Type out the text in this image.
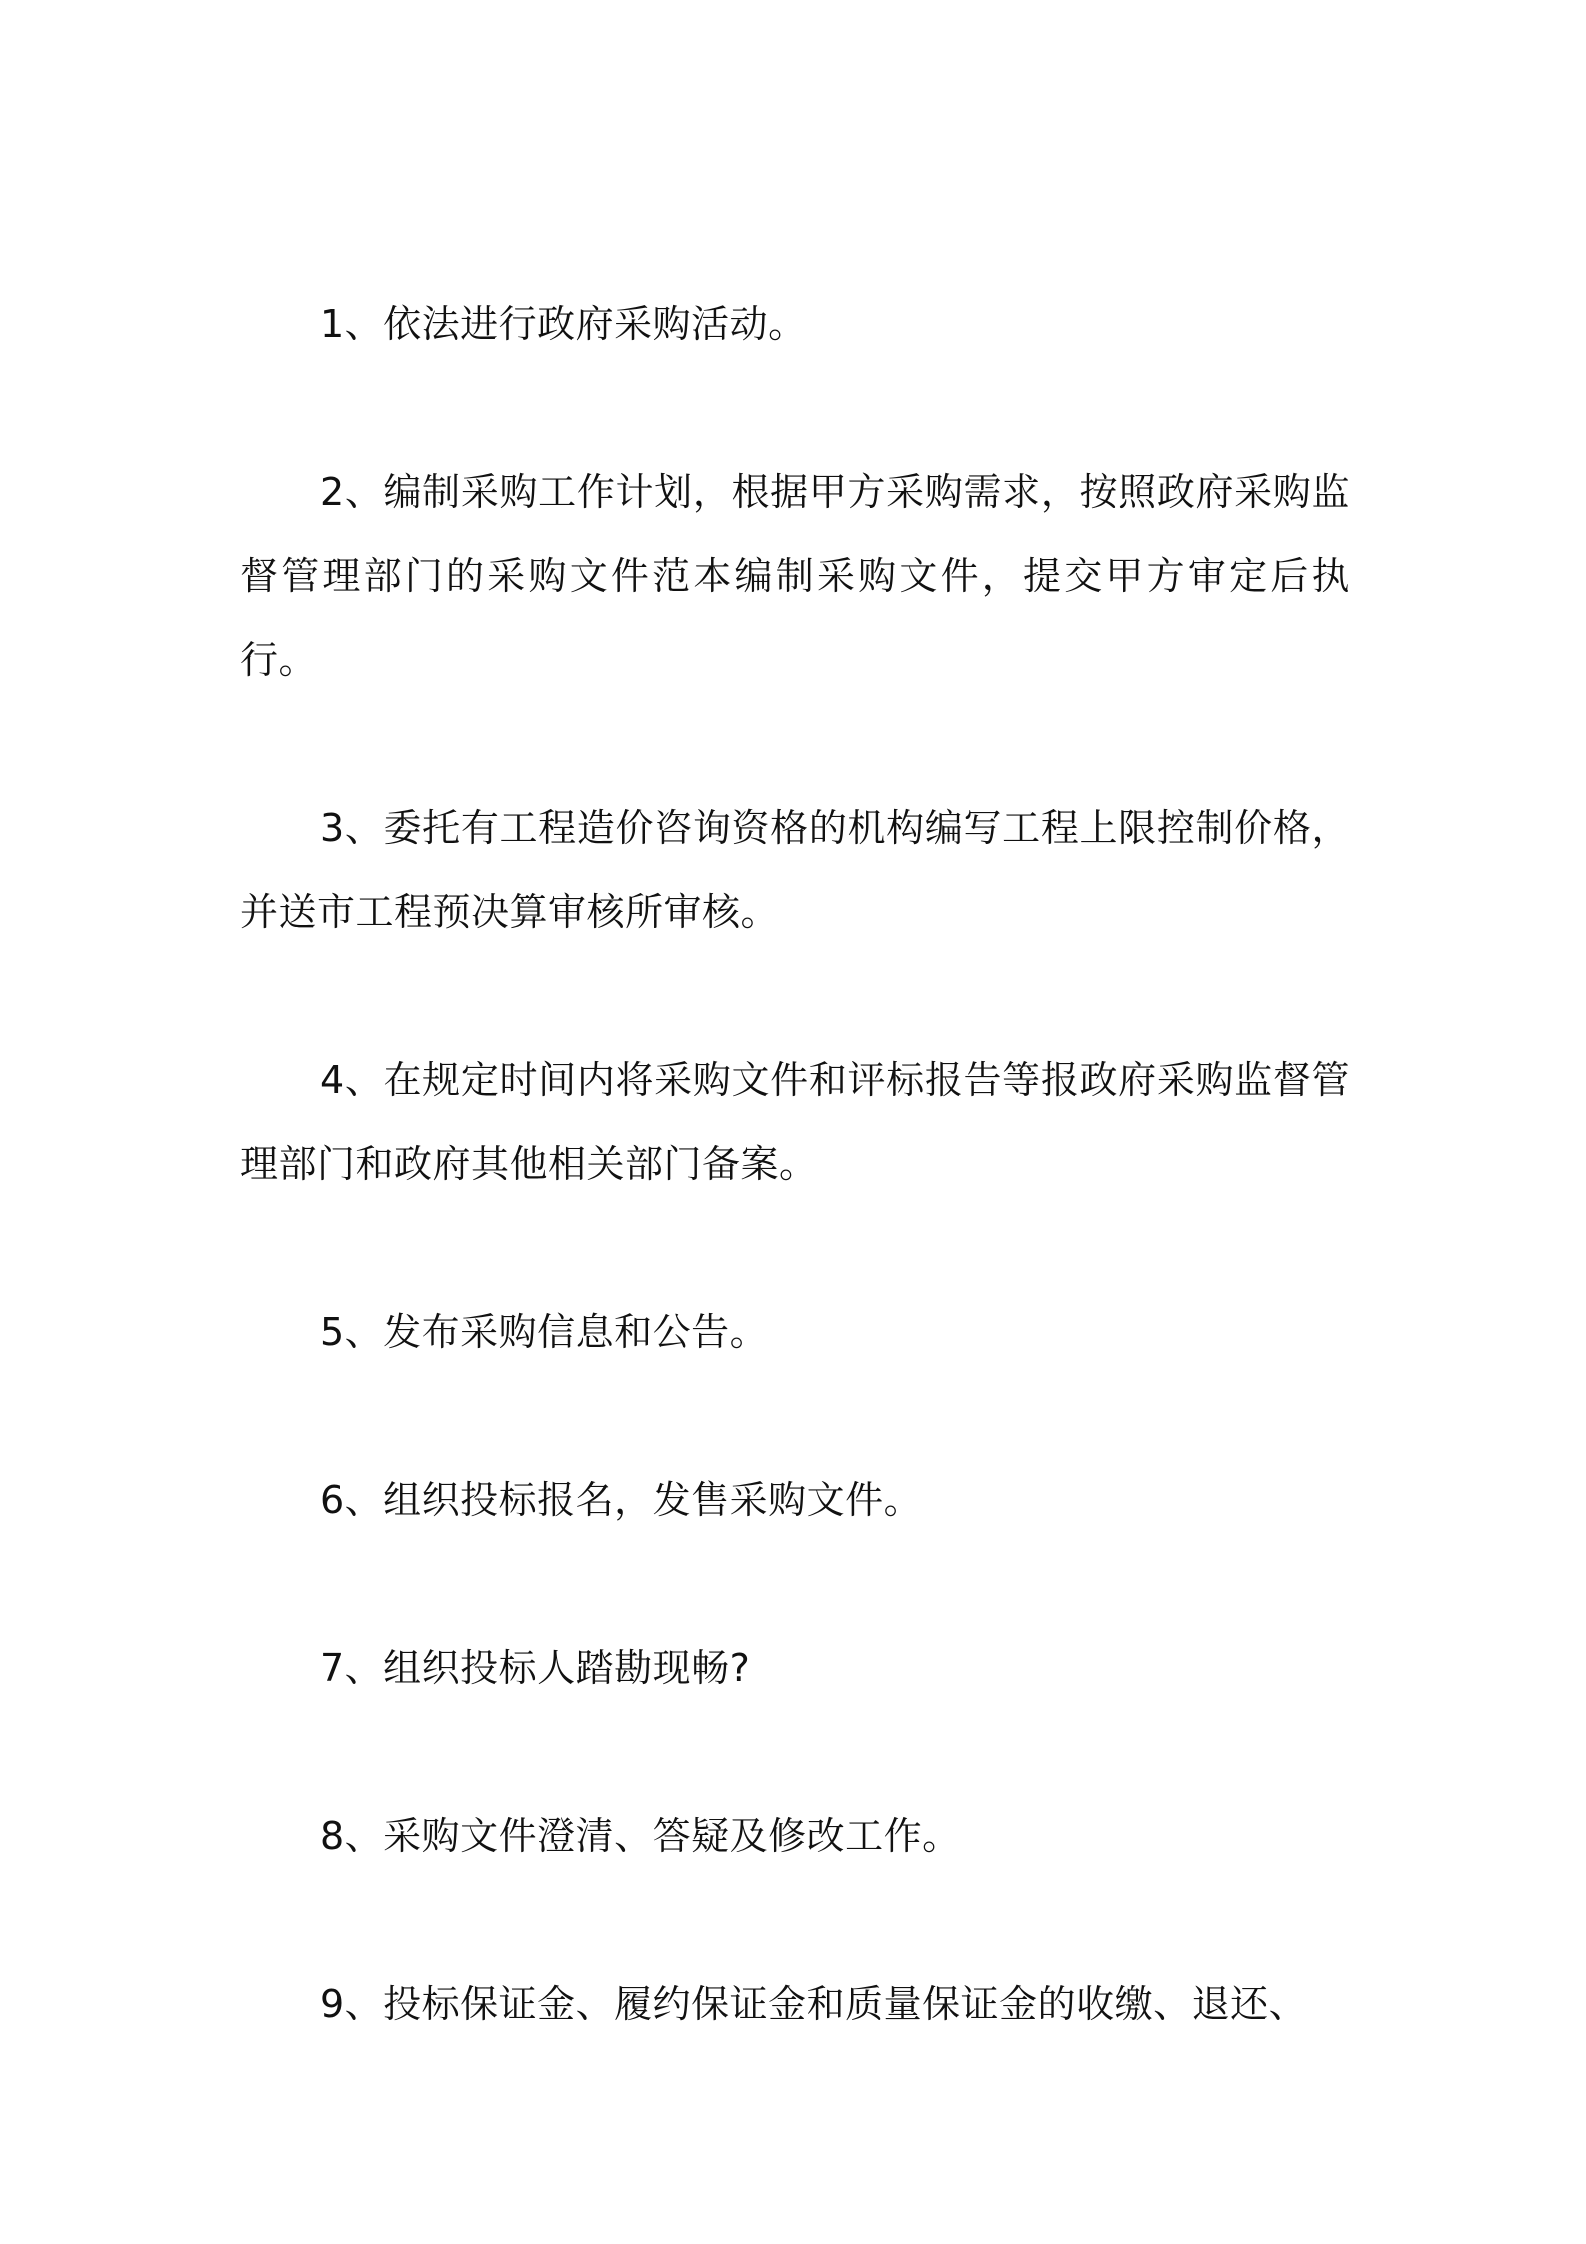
1、依法进行政府采购活动。

2、编制采购工作计划，根据甲方采购需求，按照政府采购监督管理部门的采购文件范本编制采购文件，提交甲方审定后执行。

3、委托有工程造价咨询资格的机构编写工程上限控制价格，并送市工程预决算审核所审核。

4、在规定时间内将采购文件和评标报告等报政府采购监督管理部门和政府其他相关部门备案。

5、发布采购信息和公告。

6、组织投标报名，发售采购文件。

7、组织投标人踏勘现畅?

8、采购文件澄清、答疑及修改工作。

9、投标保证金、履约保证金和质量保证金的收缴、退还、
